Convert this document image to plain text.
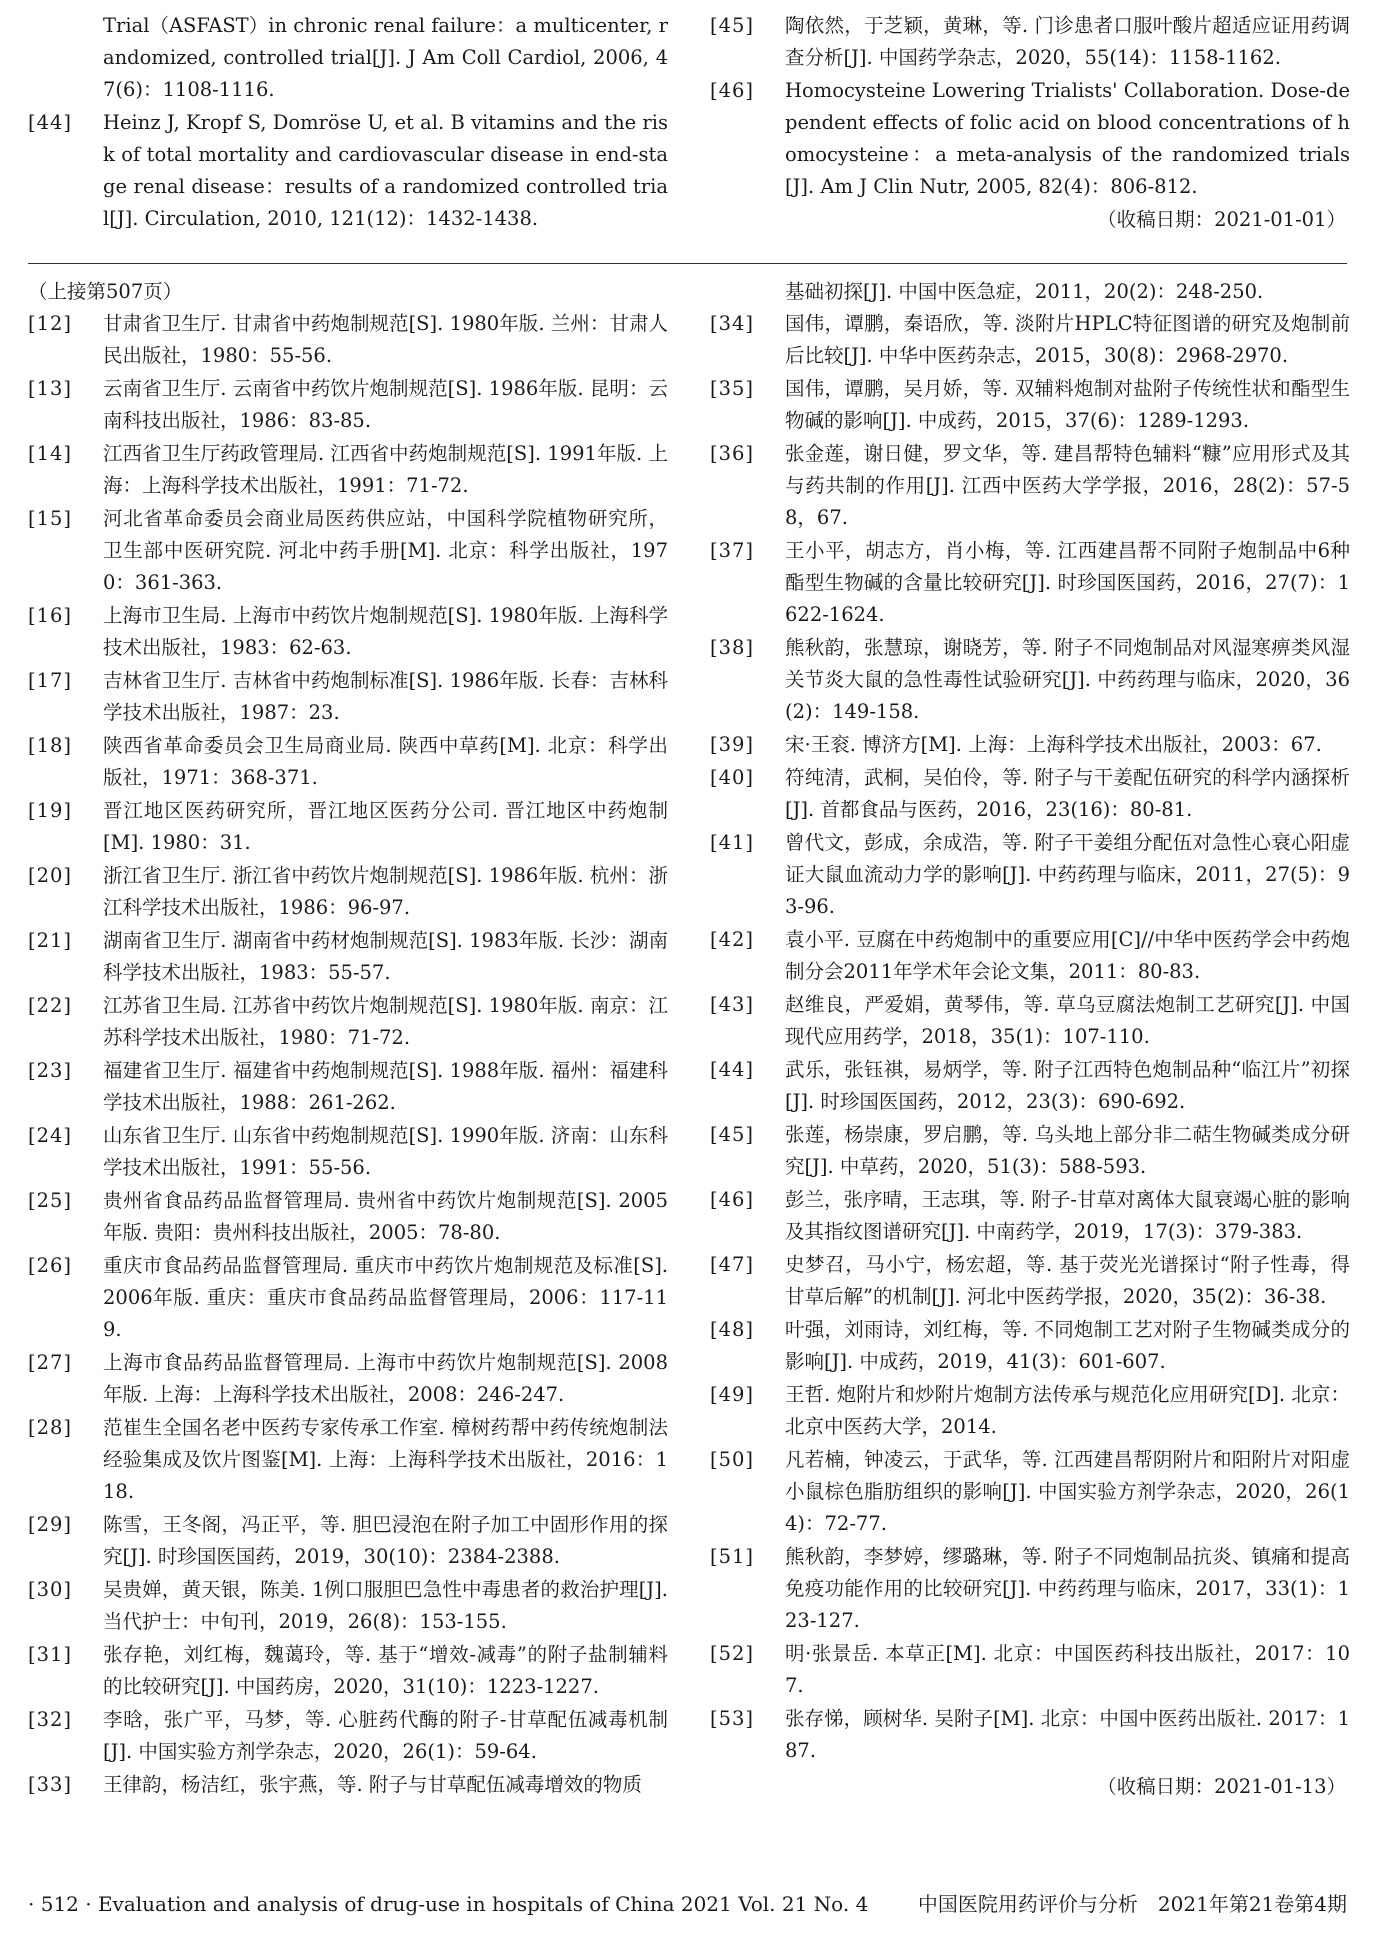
Trial（ASFAST）in chronic renal failure：a multicenter, randomized, controlled trial[J]. J Am Coll Cardiol, 2006, 47(6)：1108-1116.
[44]	Heinz J, Kropf S, Domröse U, et al. B vitamins and the risk of total mortality and cardiovascular disease in end-stage renal disease：results of a randomized controlled trial[J]. Circulation, 2010, 121(12)：1432-1438.
[45]	陶依然，于芝颖，黄琳，等. 门诊患者口服叶酸片超适应证用药调查分析[J]. 中国药学杂志，2020，55(14)：1158-1162.
[46]	Homocysteine Lowering Trialists' Collaboration. Dose-dependent effects of folic acid on blood concentrations of homocysteine：a meta-analysis of the randomized trials[J]. Am J Clin Nutr, 2005, 82(4)：806-812.
（收稿日期：2021-01-01）
（上接第507页）
[12]	甘肃省卫生厅. 甘肃省中药炮制规范[S]. 1980年版. 兰州：甘肃人民出版社，1980：55-56.
[13]	云南省卫生厅. 云南省中药饮片炮制规范[S]. 1986年版. 昆明：云南科技出版社，1986：83-85.
[14]	江西省卫生厅药政管理局. 江西省中药炮制规范[S]. 1991年版. 上海：上海科学技术出版社，1991：71-72.
[15]	河北省革命委员会商业局医药供应站，中国科学院植物研究所，卫生部中医研究院. 河北中药手册[M]. 北京：科学出版社，1970：361-363.
[16]	上海市卫生局. 上海市中药饮片炮制规范[S]. 1980年版. 上海科学技术出版社，1983：62-63.
[17]	吉林省卫生厅. 吉林省中药炮制标准[S]. 1986年版. 长春：吉林科学技术出版社，1987：23.
[18]	陕西省革命委员会卫生局商业局. 陕西中草药[M]. 北京：科学出版社，1971：368-371.
[19]	晋江地区医药研究所，晋江地区医药分公司. 晋江地区中药炮制[M]. 1980：31.
[20]	浙江省卫生厅. 浙江省中药饮片炮制规范[S]. 1986年版. 杭州：浙江科学技术出版社，1986：96-97.
[21]	湖南省卫生厅. 湖南省中药材炮制规范[S]. 1983年版. 长沙：湖南科学技术出版社，1983：55-57.
[22]	江苏省卫生局. 江苏省中药饮片炮制规范[S]. 1980年版. 南京：江苏科学技术出版社，1980：71-72.
[23]	福建省卫生厅. 福建省中药炮制规范[S]. 1988年版. 福州：福建科学技术出版社，1988：261-262.
[24]	山东省卫生厅. 山东省中药炮制规范[S]. 1990年版. 济南：山东科学技术出版社，1991：55-56.
[25]	贵州省食品药品监督管理局. 贵州省中药饮片炮制规范[S]. 2005年版. 贵阳：贵州科技出版社，2005：78-80.
[26]	重庆市食品药品监督管理局. 重庆市中药饮片炮制规范及标准[S]. 2006年版. 重庆：重庆市食品药品监督管理局，2006：117-119.
[27]	上海市食品药品监督管理局. 上海市中药饮片炮制规范[S]. 2008年版. 上海：上海科学技术出版社，2008：246-247.
[28]	范崔生全国名老中医药专家传承工作室. 樟树药帮中药传统炮制法经验集成及饮片图鉴[M]. 上海：上海科学技术出版社，2016：118.
[29]	陈雪，王冬阁，冯正平，等. 胆巴浸泡在附子加工中固形作用的探究[J]. 时珍国医国药，2019，30(10)：2384-2388.
[30]	吴贵婵，黄天银，陈美. 1例口服胆巴急性中毒患者的救治护理[J]. 当代护士：中旬刊，2019，26(8)：153-155.
[31]	张存艳，刘红梅，魏蔼玲，等. 基于“增效-减毒”的附子盐制辅料的比较研究[J]. 中国药房，2020，31(10)：1223-1227.
[32]	李晗，张广平，马梦，等. 心脏药代酶的附子-甘草配伍减毒机制[J]. 中国实验方剂学杂志，2020，26(1)：59-64.
[33]	王律韵，杨洁红，张宇燕，等. 附子与甘草配伍减毒增效的物质
基础初探[J]. 中国中医急症，2011，20(2)：248-250.
[34]	国伟，谭鹏，秦语欣，等. 淡附片HPLC特征图谱的研究及炮制前后比较[J]. 中华中医药杂志，2015，30(8)：2968-2970.
[35]	国伟，谭鹏，吴月娇，等. 双辅料炮制对盐附子传统性状和酯型生物碱的影响[J]. 中成药，2015，37(6)：1289-1293.
[36]	张金莲，谢日健，罗文华，等. 建昌帮特色辅料“糠”应用形式及其与药共制的作用[J]. 江西中医药大学学报，2016，28(2)：57-58，67.
[37]	王小平，胡志方，肖小梅，等. 江西建昌帮不同附子炮制品中6种酯型生物碱的含量比较研究[J]. 时珍国医国药，2016，27(7)：1622-1624.
[38]	熊秋韵，张慧琼，谢晓芳，等. 附子不同炮制品对风湿寒痹类风湿关节炎大鼠的急性毒性试验研究[J]. 中药药理与临床，2020，36(2)：149-158.
[39]	宋·王衮. 博济方[M]. 上海：上海科学技术出版社，2003：67.
[40]	符纯清，武桐，吴伯伶，等. 附子与干姜配伍研究的科学内涵探析[J]. 首都食品与医药，2016，23(16)：80-81.
[41]	曾代文，彭成，余成浩，等. 附子干姜组分配伍对急性心衰心阳虚证大鼠血流动力学的影响[J]. 中药药理与临床，2011，27(5)：93-96.
[42]	袁小平. 豆腐在中药炮制中的重要应用[C]//中华中医药学会中药炮制分会2011年学术年会论文集，2011：80-83.
[43]	赵维良，严爱娟，黄琴伟，等. 草乌豆腐法炮制工艺研究[J]. 中国现代应用药学，2018，35(1)：107-110.
[44]	武乐，张钰祺，易炳学，等. 附子江西特色炮制品种“临江片”初探[J]. 时珍国医国药，2012，23(3)：690-692.
[45]	张莲，杨崇康，罗启鹏，等. 乌头地上部分非二萜生物碱类成分研究[J]. 中草药，2020，51(3)：588-593.
[46]	彭兰，张序晴，王志琪，等. 附子-甘草对离体大鼠衰竭心脏的影响及其指纹图谱研究[J]. 中南药学，2019，17(3)：379-383.
[47]	史梦召，马小宁，杨宏超，等. 基于荧光光谱探讨“附子性毒，得甘草后解”的机制[J]. 河北中医药学报，2020，35(2)：36-38.
[48]	叶强，刘雨诗，刘红梅，等. 不同炮制工艺对附子生物碱类成分的影响[J]. 中成药，2019，41(3)：601-607.
[49]	王哲. 炮附片和炒附片炮制方法传承与规范化应用研究[D]. 北京：北京中医药大学，2014.
[50]	凡若楠，钟凌云，于武华，等. 江西建昌帮阴附片和阳附片对阳虚小鼠棕色脂肪组织的影响[J]. 中国实验方剂学杂志，2020，26(14)：72-77.
[51]	熊秋韵，李梦婷，缪璐琳，等. 附子不同炮制品抗炎、镇痛和提高免疫功能作用的比较研究[J]. 中药药理与临床，2017，33(1)：123-127.
[52]	明·张景岳. 本草正[M]. 北京：中国医药科技出版社，2017：107.
[53]	张存悌，顾树华. 吴附子[M]. 北京：中国中医药出版社. 2017：187.
（收稿日期：2021-01-13）
· 512 · Evaluation and analysis of drug-use in hospitals of China 2021 Vol. 21 No. 4 中国医院用药评价与分析　2021年第21卷第4期
